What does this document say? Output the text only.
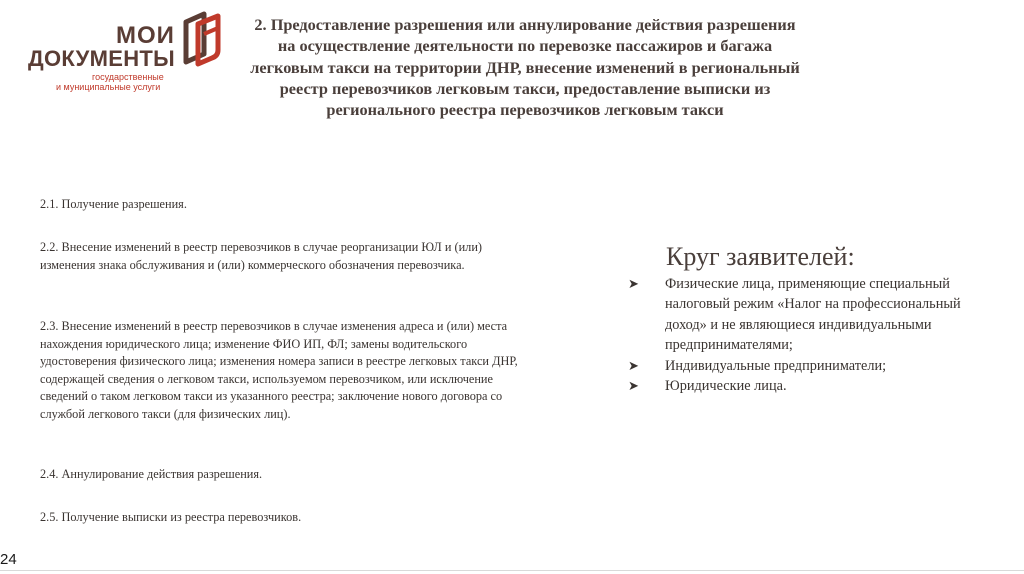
МОИ
ДОКУМЕНТЫ
государственные
и муниципальные услуги
2. Предоставление разрешения или аннулирование действия разрешения на осуществление деятельности по перевозке пассажиров и багажа легковым такси на территории ДНР, внесение изменений в региональный реестр перевозчиков легковым такси, предоставление выписки из регионального реестра перевозчиков легковым такси
2.1. Получение разрешения.
2.2. Внесение изменений в реестр перевозчиков в случае реорганизации ЮЛ и (или) изменения знака обслуживания и (или) коммерческого обозначения перевозчика.
2.3. Внесение изменений в реестр перевозчиков в случае изменения адреса и (или) места нахождения юридического лица; изменение ФИО ИП, ФЛ; замены водительского удостоверения физического лица; изменения номера записи в реестре легковых такси ДНР, содержащей сведения о легковом такси, используемом перевозчиком, или исключение сведений о таком легковом такси из указанного реестра; заключение нового договора со службой легкового такси (для физических лиц).
2.4. Аннулирование действия разрешения.
2.5. Получение выписки из реестра перевозчиков.
Круг заявителей:
➤ Физические лица, применяющие специальный налоговый режим «Налог на профессиональный доход» и не являющиеся индивидуальными предпринимателями;
➤ Индивидуальные предприниматели;
➤ Юридические лица.
24
